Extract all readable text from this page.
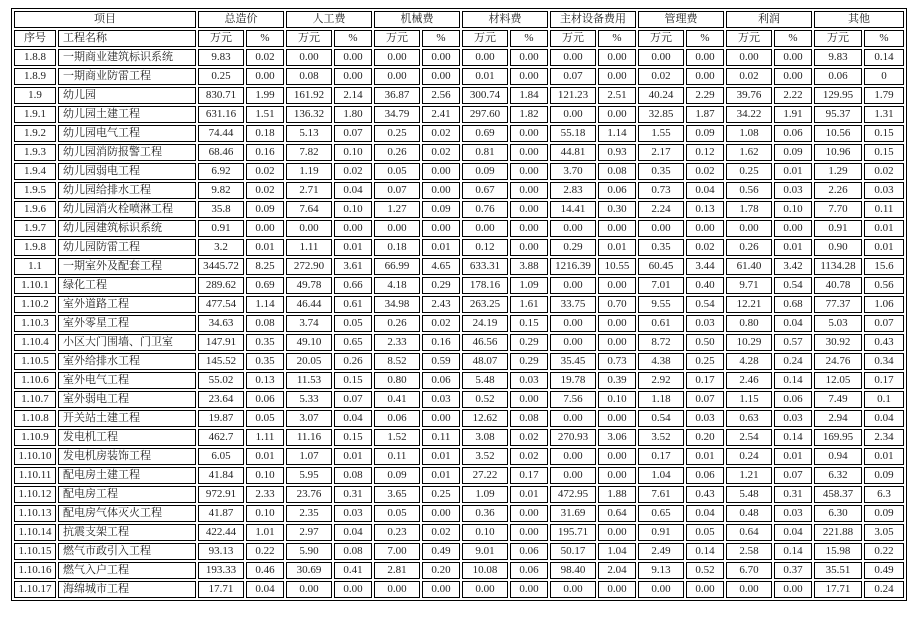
项目		总造价		人工费		机械费		材料费		主材设备费用		管理费		利润		其他	
序号	工程名称	万元	%	万元	%	万元	%	万元	%	万元	%	万元	%	万元	%	万元	%
1.8.8	一期商业建筑标识系统	9.83	0.02	0.00	0.00	0.00	0.00	0.00	0.00	0.00	0.00	0.00	0.00	0.00	0.00	9.83	0.14
1.8.9	一期商业防雷工程	0.25	0.00	0.08	0.00	0.00	0.00	0.01	0.00	0.07	0.00	0.02	0.00	0.02	0.00	0.06	0
1.9	幼儿园	830.71	1.99	161.92	2.14	36.87	2.56	300.74	1.84	121.23	2.51	40.24	2.29	39.76	2.22	129.95	1.79
1.9.1	幼儿园土建工程	631.16	1.51	136.32	1.80	34.79	2.41	297.60	1.82	0.00	0.00	32.85	1.87	34.22	1.91	95.37	1.31
1.9.2	幼儿园电气工程	74.44	0.18	5.13	0.07	0.25	0.02	0.69	0.00	55.18	1.14	1.55	0.09	1.08	0.06	10.56	0.15
1.9.3	幼儿园消防报警工程	68.46	0.16	7.82	0.10	0.26	0.02	0.81	0.00	44.81	0.93	2.17	0.12	1.62	0.09	10.96	0.15
1.9.4	幼儿园弱电工程	6.92	0.02	1.19	0.02	0.05	0.00	0.09	0.00	3.70	0.08	0.35	0.02	0.25	0.01	1.29	0.02
1.9.5	幼儿园给排水工程	9.82	0.02	2.71	0.04	0.07	0.00	0.67	0.00	2.83	0.06	0.73	0.04	0.56	0.03	2.26	0.03
1.9.6	幼儿园消火栓喷淋工程	35.8	0.09	7.64	0.10	1.27	0.09	0.76	0.00	14.41	0.30	2.24	0.13	1.78	0.10	7.70	0.11
1.9.7	幼儿园建筑标识系统	0.91	0.00	0.00	0.00	0.00	0.00	0.00	0.00	0.00	0.00	0.00	0.00	0.00	0.00	0.91	0.01
1.9.8	幼儿园防雷工程	3.2	0.01	1.11	0.01	0.18	0.01	0.12	0.00	0.29	0.01	0.35	0.02	0.26	0.01	0.90	0.01
1.1	一期室外及配套工程	3445.72	8.25	272.90	3.61	66.99	4.65	633.31	3.88	1216.39	10.55	60.45	3.44	61.40	3.42	1134.28	15.6
1.10.1	绿化工程	289.62	0.69	49.78	0.66	4.18	0.29	178.16	1.09	0.00	0.00	7.01	0.40	9.71	0.54	40.78	0.56
1.10.2	室外道路工程	477.54	1.14	46.44	0.61	34.98	2.43	263.25	1.61	33.75	0.70	9.55	0.54	12.21	0.68	77.37	1.06
1.10.3	室外零星工程	34.63	0.08	3.74	0.05	0.26	0.02	24.19	0.15	0.00	0.00	0.61	0.03	0.80	0.04	5.03	0.07
1.10.4	小区大门围墙、门卫室	147.91	0.35	49.10	0.65	2.33	0.16	46.56	0.29	0.00	0.00	8.72	0.50	10.29	0.57	30.92	0.43
1.10.5	室外给排水工程	145.52	0.35	20.05	0.26	8.52	0.59	48.07	0.29	35.45	0.73	4.38	0.25	4.28	0.24	24.76	0.34
1.10.6	室外电气工程	55.02	0.13	11.53	0.15	0.80	0.06	5.48	0.03	19.78	0.39	2.92	0.17	2.46	0.14	12.05	0.17
1.10.7	室外弱电工程	23.64	0.06	5.33	0.07	0.41	0.03	0.52	0.00	7.56	0.10	1.18	0.07	1.15	0.06	7.49	0.1
1.10.8	开关站土建工程	19.87	0.05	3.07	0.04	0.06	0.00	12.62	0.08	0.00	0.00	0.54	0.03	0.63	0.03	2.94	0.04
1.10.9	发电机工程	462.7	1.11	11.16	0.15	1.52	0.11	3.08	0.02	270.93	3.06	3.52	0.20	2.54	0.14	169.95	2.34
1.10.10	发电机房装饰工程	6.05	0.01	1.07	0.01	0.11	0.01	3.52	0.02	0.00	0.00	0.17	0.01	0.24	0.01	0.94	0.01
1.10.11	配电房土建工程	41.84	0.10	5.95	0.08	0.09	0.01	27.22	0.17	0.00	0.00	1.04	0.06	1.21	0.07	6.32	0.09
1.10.12	配电房工程	972.91	2.33	23.76	0.31	3.65	0.25	1.09	0.01	472.95	1.88	7.61	0.43	5.48	0.31	458.37	6.3
1.10.13	配电房气体灭火工程	41.87	0.10	2.35	0.03	0.05	0.00	0.36	0.00	31.69	0.64	0.65	0.04	0.48	0.03	6.30	0.09
1.10.14	抗震支架工程	422.44	1.01	2.97	0.04	0.23	0.02	0.10	0.00	195.71	0.00	0.91	0.05	0.64	0.04	221.88	3.05
1.10.15	燃气市政引入工程	93.13	0.22	5.90	0.08	7.00	0.49	9.01	0.06	50.17	1.04	2.49	0.14	2.58	0.14	15.98	0.22
1.10.16	燃气入户工程	193.33	0.46	30.69	0.41	2.81	0.20	10.08	0.06	98.40	2.04	9.13	0.52	6.70	0.37	35.51	0.49
1.10.17	海绵城市工程	17.71	0.04	0.00	0.00	0.00	0.00	0.00	0.00	0.00	0.00	0.00	0.00	0.00	0.00	17.71	0.24
